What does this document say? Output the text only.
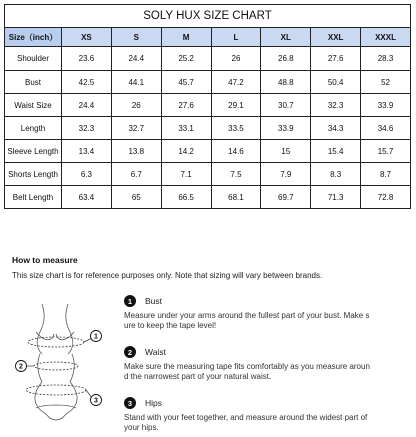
SOLY HUX SIZE CHART							
Size（inch）	XS	S	M	L	XL	XXL	XXXL
Shoulder	23.6	24.4	25.2	26	26.8	27.6	28.3
Bust	42.5	44.1	45.7	47.2	48.8	50.4	52
Waist Size	24.4	26	27.6	29.1	30.7	32.3	33.9
Length	32.3	32.7	33.1	33.5	33.9	34.3	34.6
Sleeve Length	13.4	13.8	14.2	14.6	15	15.4	15.7
Shorts Length	6.3	6.7	7.1	7.5	7.9	8.3	8.7
Belt Length	63.4	65	66.5	68.1	69.7	71.3	72.8
How to measure
This size chart is for reference purposes only. Note that sizing will vary between brands.
1
2
3
1	Bust
Measure under your arms around the fullest part of your bust. Make s
ure to keep the tape level!
2	Waist
Make sure the measuring tape fits comfortably as you measure aroun
d the narrowest part of your natural waist.
3	Hips
Stand with your feet together, and measure around the widest part of
your hips.
